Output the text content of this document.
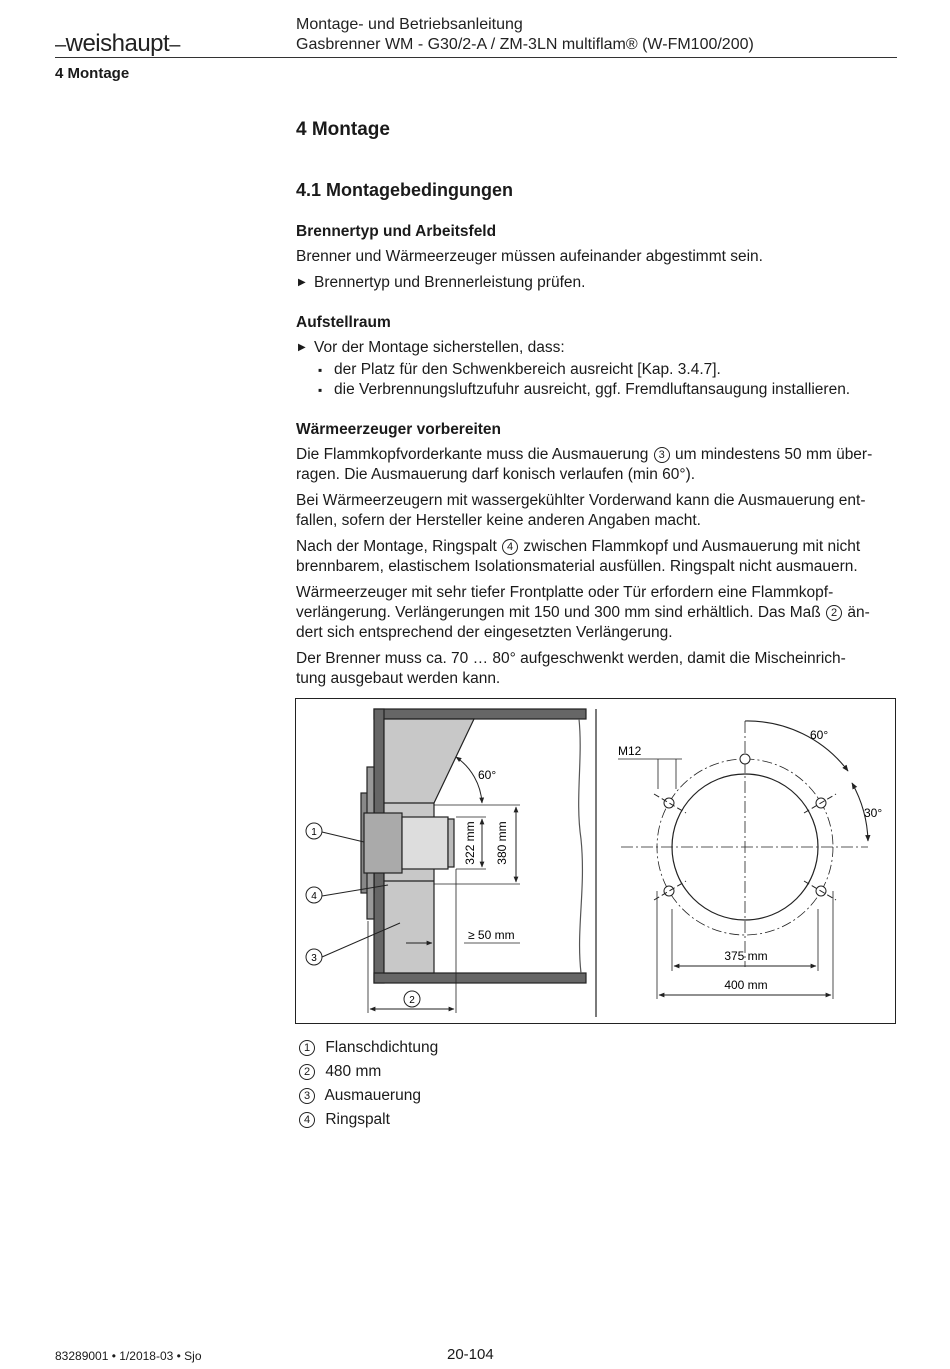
–weishaupt–
Montage- und Betriebsanleitung
Gasbrenner WM - G30/2-A / ZM-3LN multiflam® (W-FM100/200)
4 Montage
4 Montage
4.1 Montagebedingungen
Brennertyp und Arbeitsfeld

Brenner und Wärmeerzeuger müssen aufeinander abgestimmt sein.

▶ Brennertyp und Brennerleistung prüfen.
Aufstellraum
▶ Vor der Montage sicherstellen, dass:
▪ der Platz für den Schwenkbereich ausreicht [Kap. 3.4.7].
▪ die Verbrennungsluftzufuhr ausreicht, ggf. Fremdluftansaugung installieren.
Wärmeerzeuger vorbereiten

Die Flammkopfvorderkante muss die Ausmauerung 3 um mindestens 50 mm über-
ragen. Die Ausmauerung darf konisch verlaufen (min 60°).

Bei Wärmeerzeugern mit wassergekühlter Vorderwand kann die Ausmauerung ent-
fallen, sofern der Hersteller keine anderen Angaben macht.

Nach der Montage, Ringspalt 4 zwischen Flammkopf und Ausmauerung mit nicht
brennbarem, elastischem Isolationsmaterial ausfüllen. Ringspalt nicht ausmauern.

Wärmeerzeuger mit sehr tiefer Frontplatte oder Tür erfordern eine Flammkopf-
verlängerung. Verlängerungen mit 150 und 300 mm sind erhältlich. Das Maß 2 än-
dert sich entsprechend der eingesetzten Verlängerung.

Der Brenner muss ca. 70 … 80° aufgeschwenkt werden, damit die Mischeinrich-
tung ausgebaut werden kann.

60°
322 mm 380 mm
≥ 50 mm
1
4
3
2
M12
60°
30°
375 mm
400 mm
1 Flanschdichtung
2 480 mm
3 Ausmauerung
4 Ringspalt
83289001 • 1/2018-03 • Sjo	20-104
